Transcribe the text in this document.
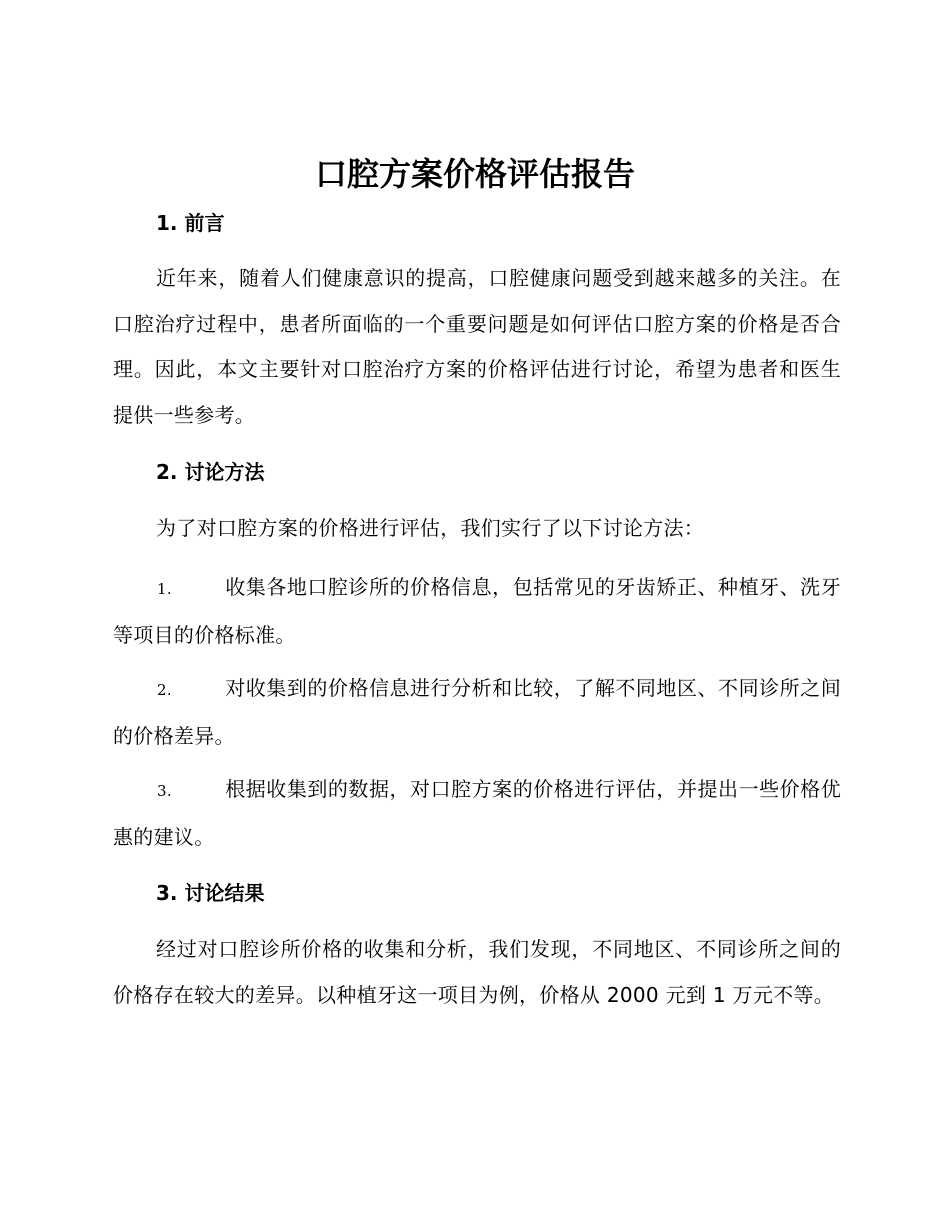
口腔方案价格评估报告
1. 前言
近年来，随着人们健康意识的提高，口腔健康问题受到越来越多的关注。在口腔治疗过程中，患者所面临的一个重要问题是如何评估口腔方案的价格是否合理。因此，本文主要针对口腔治疗方案的价格评估进行讨论，希望为患者和医生提供一些参考。
2. 讨论方法
为了对口腔方案的价格进行评估，我们实行了以下讨论方法：
1.	收集各地口腔诊所的价格信息，包括常见的牙齿矫正、种植牙、洗牙等项目的价格标准。
2.	对收集到的价格信息进行分析和比较，了解不同地区、不同诊所之间的价格差异。
3.	根据收集到的数据，对口腔方案的价格进行评估，并提出一些价格优惠的建议。
3. 讨论结果
经过对口腔诊所价格的收集和分析，我们发现，不同地区、不同诊所之间的价格存在较大的差异。以种植牙这一项目为例，价格从 2000 元到 1 万元不等。
